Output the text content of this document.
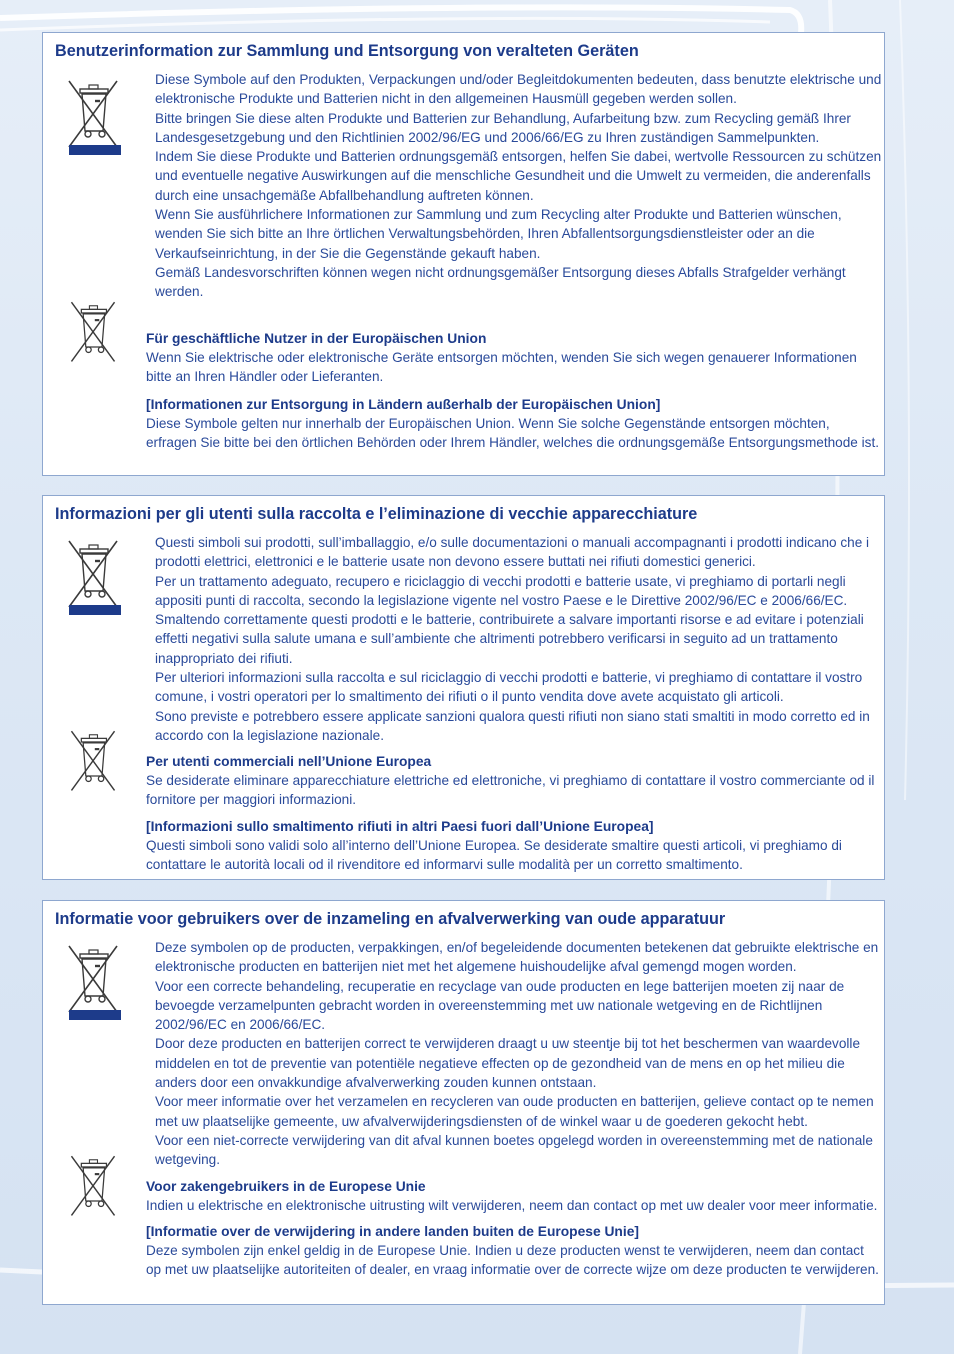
Benutzerinformation zur Sammlung und Entsorgung von veralteten Geräten

Diese Symbole auf den Produkten, Verpackungen und/oder Begleitdokumenten bedeuten, dass benutzte elektrische und elektronische Produkte und Batterien nicht in den allgemeinen Hausmüll gegeben werden sollen.

Bitte bringen Sie diese alten Produkte und Batterien zur Behandlung, Aufarbeitung bzw. zum Recycling gemäß Ihrer Landesgesetzgebung und den Richtlinien 2002/96/EG und 2006/66/EG zu Ihren zuständigen Sammelpunkten.

Indem Sie diese Produkte und Batterien ordnungsgemäß entsorgen, helfen Sie dabei, wertvolle Ressourcen zu schützen und eventuelle negative Auswirkungen auf die menschliche Gesundheit und die Umwelt zu vermeiden, die anderenfalls durch eine unsachgemäße Abfallbehandlung auftreten können.

Wenn Sie ausführlichere Informationen zur Sammlung und zum Recycling alter Produkte und Batterien wünschen, wenden Sie sich bitte an Ihre örtlichen Verwaltungsbehörden, Ihren Abfallentsorgungsdienstleister oder an die Verkaufseinrichtung, in der Sie die Gegenstände gekauft haben.

Gemäß Landesvorschriften können wegen nicht ordnungsgemäßer Entsorgung dieses Abfalls Strafgelder verhängt werden.

Für geschäftliche Nutzer in der Europäischen Union

Wenn Sie elektrische oder elektronische Geräte entsorgen möchten, wenden Sie sich wegen genauerer Informationen bitte an Ihren Händler oder Lieferanten.

[Informationen zur Entsorgung in Ländern außerhalb der Europäischen Union]

Diese Symbole gelten nur innerhalb der Europäischen Union. Wenn Sie solche Gegenstände entsorgen möchten, erfragen Sie bitte bei den örtlichen Behörden oder Ihrem Händler, welches die ordnungsgemäße Entsorgungsmethode ist.

Informazioni per gli utenti sulla raccolta e l’eliminazione di vecchie apparecchiature

Questi simboli sui prodotti, sull’imballaggio, e/o sulle documentazioni o manuali accompagnanti i prodotti indicano che i prodotti elettrici, elettronici e le batterie usate non devono essere buttati nei rifiuti domestici generici.

Per un trattamento adeguato, recupero e riciclaggio di vecchi prodotti e batterie usate, vi preghiamo di portarli negli appositi punti di raccolta, secondo la legislazione vigente nel vostro Paese e le Direttive 2002/96/EC e 2006/66/EC.

Smaltendo correttamente questi prodotti e le batterie, contribuirete a salvare importanti risorse e ad evitare i potenziali effetti negativi sulla salute umana e sull’ambiente che altrimenti potrebbero verificarsi in seguito ad un trattamento inappropriato dei rifiuti.

Per ulteriori informazioni sulla raccolta e sul riciclaggio di vecchi prodotti e batterie, vi preghiamo di contattare il vostro comune, i vostri operatori per lo smaltimento dei rifiuti o il punto vendita dove avete acquistato gli articoli.

Sono previste e potrebbero essere applicate sanzioni qualora questi rifiuti non siano stati smaltiti in modo corretto ed in accordo con la legislazione nazionale.

Per utenti commerciali nell’Unione Europea

Se desiderate eliminare apparecchiature elettriche ed elettroniche, vi preghiamo di contattare il vostro commerciante od il fornitore per maggiori informazioni.

[Informazioni sullo smaltimento rifiuti in altri Paesi fuori dall’Unione Europea]

Questi simboli sono validi solo all’interno dell’Unione Europea. Se desiderate smaltire questi articoli, vi preghiamo di contattare le autorità locali od il rivenditore ed informarvi sulle modalità per un corretto smaltimento.

Informatie voor gebruikers over de inzameling en afvalverwerking van oude apparatuur

Deze symbolen op de producten, verpakkingen, en/of begeleidende documenten betekenen dat gebruikte elektrische en elektronische producten en batterijen niet met het algemene huishoudelijke afval gemengd mogen worden.

Voor een correcte behandeling, recuperatie en recyclage van oude producten en lege batterijen moeten zij naar de bevoegde verzamelpunten gebracht worden in overeenstemming met uw nationale wetgeving en de Richtlijnen 2002/96/EC en 2006/66/EC.

Door deze producten en batterijen correct te verwijderen draagt u uw steentje bij tot het beschermen van waardevolle middelen en tot de preventie van potentiële negatieve effecten op de gezondheid van de mens en op het milieu die anders door een onvakkundige afvalverwerking zouden kunnen ontstaan.

Voor meer informatie over het verzamelen en recycleren van oude producten en batterijen, gelieve contact op te nemen met uw plaatselijke gemeente, uw afvalverwijderingsdiensten of de winkel waar u de goederen gekocht hebt.

Voor een niet-correcte verwijdering van dit afval kunnen boetes opgelegd worden in overeenstemming met de nationale wetgeving.

Voor zakengebruikers in de Europese Unie

Indien u elektrische en elektronische uitrusting wilt verwijderen, neem dan contact op met uw dealer voor meer informatie.

[Informatie over de verwijdering in andere landen buiten de Europese Unie]

Deze symbolen zijn enkel geldig in de Europese Unie. Indien u deze producten wenst te verwijderen, neem dan contact op met uw plaatselijke autoriteiten of dealer, en vraag informatie over de correcte wijze om deze producten te verwijderen.
